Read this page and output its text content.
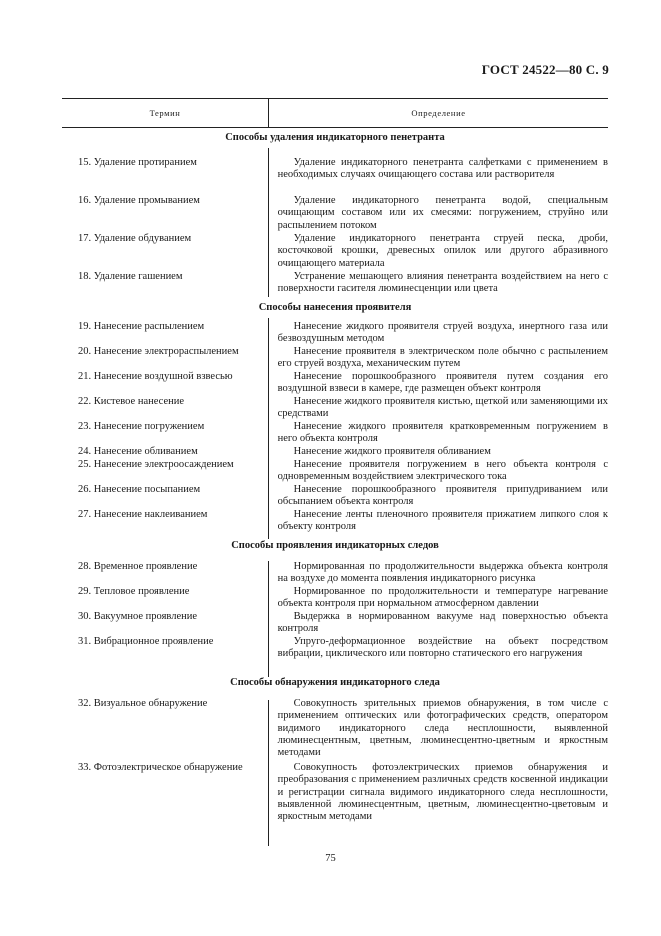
ГОСТ 24522—80 С. 9
Термин	Определение
Способы удаления индикаторного пенетранта
15. Удаление протиранием	Удаление индикаторного пенетранта салфетками с применением в необходимых случаях очищающего состава или растворителя
16. Удаление промыванием	Удаление индикаторного пенетранта водой, специальным очищающим составом или их смесями: погружением, струйно или распылением потоком
17. Удаление обдуванием	Удаление индикаторного пенетранта струей песка, дроби, косточковой крошки, древесных опилок или другого абразивного очищающего материала
18. Удаление гашением	Устранение мешающего влияния пенетранта воздействием на него с поверхности гасителя люминесценции или цвета
Способы нанесения проявителя
19. Нанесение распылением	Нанесение жидкого проявителя струей воздуха, инертного газа или безвоздушным методом
20. Нанесение электрораспылением	Нанесение проявителя в электрическом поле обычно с распылением его струей воздуха, механическим путем
21. Нанесение воздушной взвесью	Нанесение порошкообразного проявителя путем создания его воздушной взвеси в камере, где размещен объект контроля
22. Кистевое нанесение	Нанесение жидкого проявителя кистью, щеткой или заменяющими их средствами
23. Нанесение погружением	Нанесение жидкого проявителя кратковременным погружением в него объекта контроля
24. Нанесение обливанием	Нанесение жидкого проявителя обливанием
25. Нанесение электроосаждением	Нанесение проявителя погружением в него объекта контроля с одновременным воздействием электрического тока
26. Нанесение посыпанием	Нанесение порошкообразного проявителя припудриванием или обсыпанием объекта контроля
27. Нанесение наклеиванием	Нанесение ленты пленочного проявителя прижатием липкого слоя к объекту контроля
Способы проявления индикаторных следов
28. Временное проявление	Нормированная по продолжительности выдержка объекта контроля на воздухе до момента появления индикаторного рисунка
29. Тепловое проявление	Нормированное по продолжительности и температуре нагревание объекта контроля при нормальном атмосферном давлении
30. Вакуумное проявление	Выдержка в нормированном вакууме над поверхностью объекта контроля
31. Вибрационное проявление	Упруго-деформационное воздействие на объект посредством вибрации, циклического или повторно статического его нагружения
Способы обнаружения индикаторного следа
32. Визуальное обнаружение	Совокупность зрительных приемов обнаружения, в том числе с применением оптических или фотографических средств, оператором видимого индикаторного следа несплошности, выявленной люминесцентным, цветным, люминесцентно-цветным и яркостным методами
33. Фотоэлектрическое обнаружение	Совокупность фотоэлектрических приемов обнаружения и преобразования с применением различных средств косвенной индикации и регистрации сигнала видимого индикаторного следа несплошности, выявленной люминесцентным, цветным, люминесцентно-цветовым и яркостным методами
75
